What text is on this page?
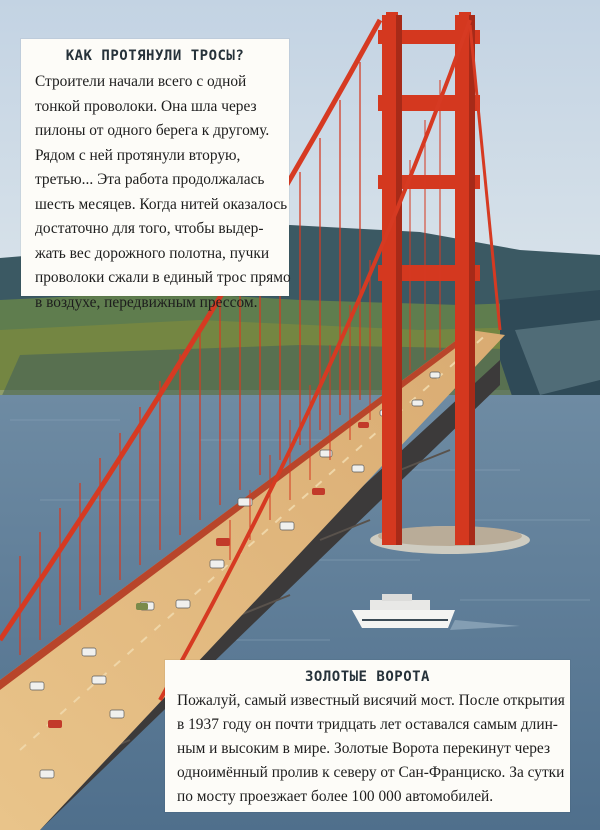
КАК ПРОТЯНУЛИ ТРОСЫ?
Строители начали всего с одной
тонкой проволоки. Она шла через
пилоны от одного берега к другому.
Рядом с ней протянули вторую,
третью... Эта работа продолжалась
шесть месяцев. Когда нитей оказалось
достаточно для того, чтобы выдер-
жать вес дорожного полотна, пучки
проволоки сжали в единый трос прямо
в воздухе, передвижным прессом.
ЗОЛОТЫЕ ВОРОТА
Пожалуй, самый известный висячий мост. После открытия
в 1937 году он почти тридцать лет оставался самым длин-
ным и высоким в мире. Золотые Ворота перекинут через
одноимённый пролив к северу от Сан-Франциско. За сутки
по мосту проезжает более 100 000 автомобилей.
